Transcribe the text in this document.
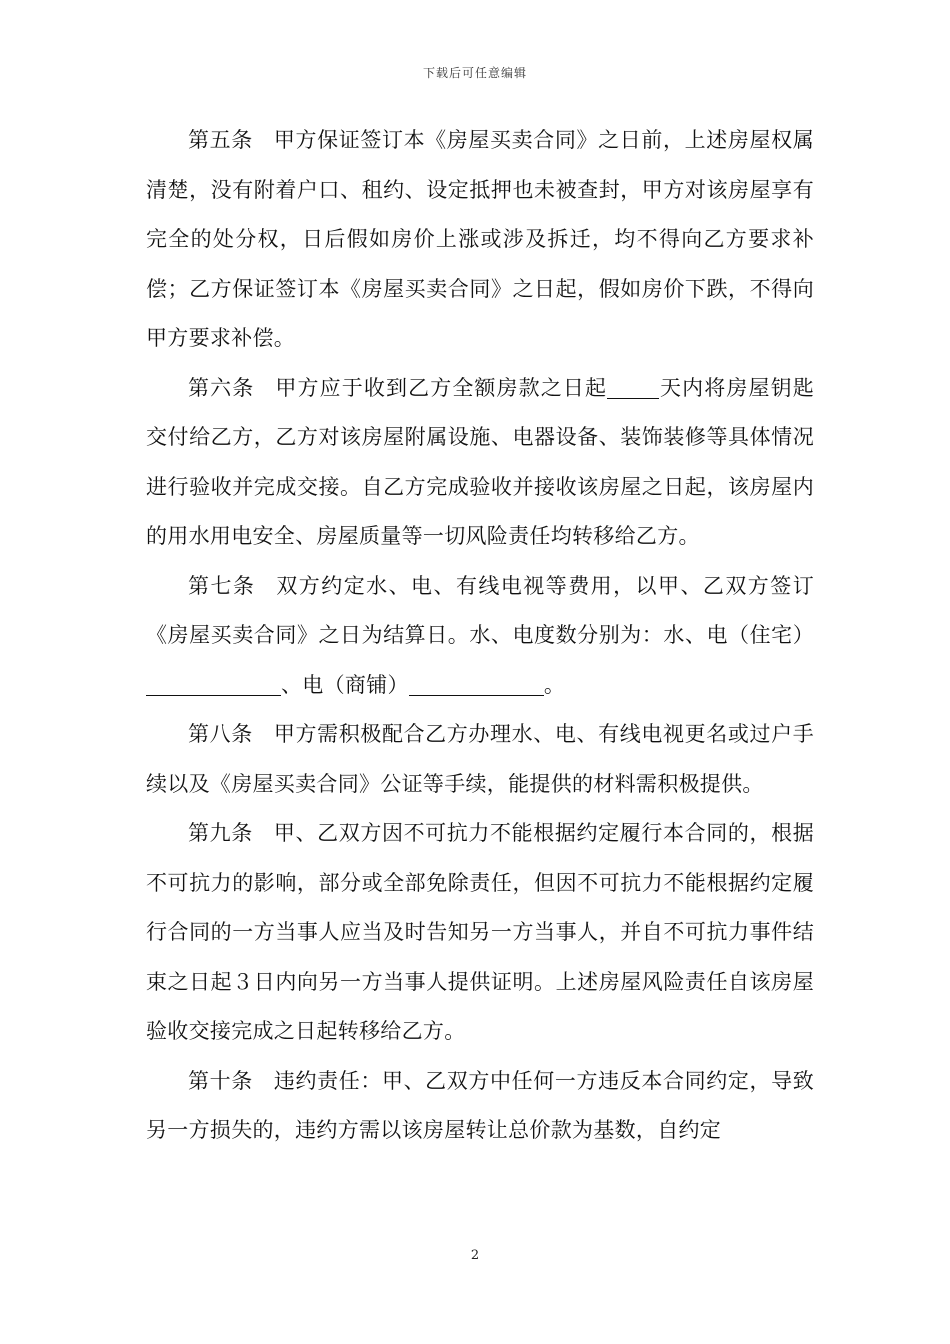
下载后可任意编辑

第五条 甲方保证签订本《房屋买卖合同》之日前，上述房屋权属清楚，没有附着户口、租约、设定抵押也未被查封，甲方对该房屋享有完全的处分权，日后假如房价上涨或涉及拆迁，均不得向乙方要求补偿；乙方保证签订本《房屋买卖合同》之日起，假如房价下跌，不得向甲方要求补偿。

第六条 甲方应于收到乙方全额房款之日起 天内将房屋钥匙交付给乙方，乙方对该房屋附属设施、电器设备、装饰装修等具体情况进行验收并完成交接。自乙方完成验收并接收该房屋之日起，该房屋内的用水用电安全、房屋质量等一切风险责任均转移给乙方。

第七条 双方约定水、电、有线电视等费用，以甲、乙双方签订《房屋买卖合同》之日为结算日。水、电度数分别为：水、电（住宅）、电（商铺）	。

第八条 甲方需积极配合乙方办理水、电、有线电视更名或过户手续以及《房屋买卖合同》公证等手续，能提供的材料需积极提供。

第九条 甲、乙双方因不可抗力不能根据约定履行本合同的，根据不可抗力的影响，部分或全部免除责任，但因不可抗力不能根据约定履行合同的一方当事人应当及时告知另一方当事人，并自不可抗力事件结束之日起３日内向另一方当事人提供证明。上述房屋风险责任自该房屋验收交接完成之日起转移给乙方。

第十条 违约责任：甲、乙双方中任何一方违反本合同约定，导致另一方损失的，违约方需以该房屋转让总价款为基数，自约定

2
